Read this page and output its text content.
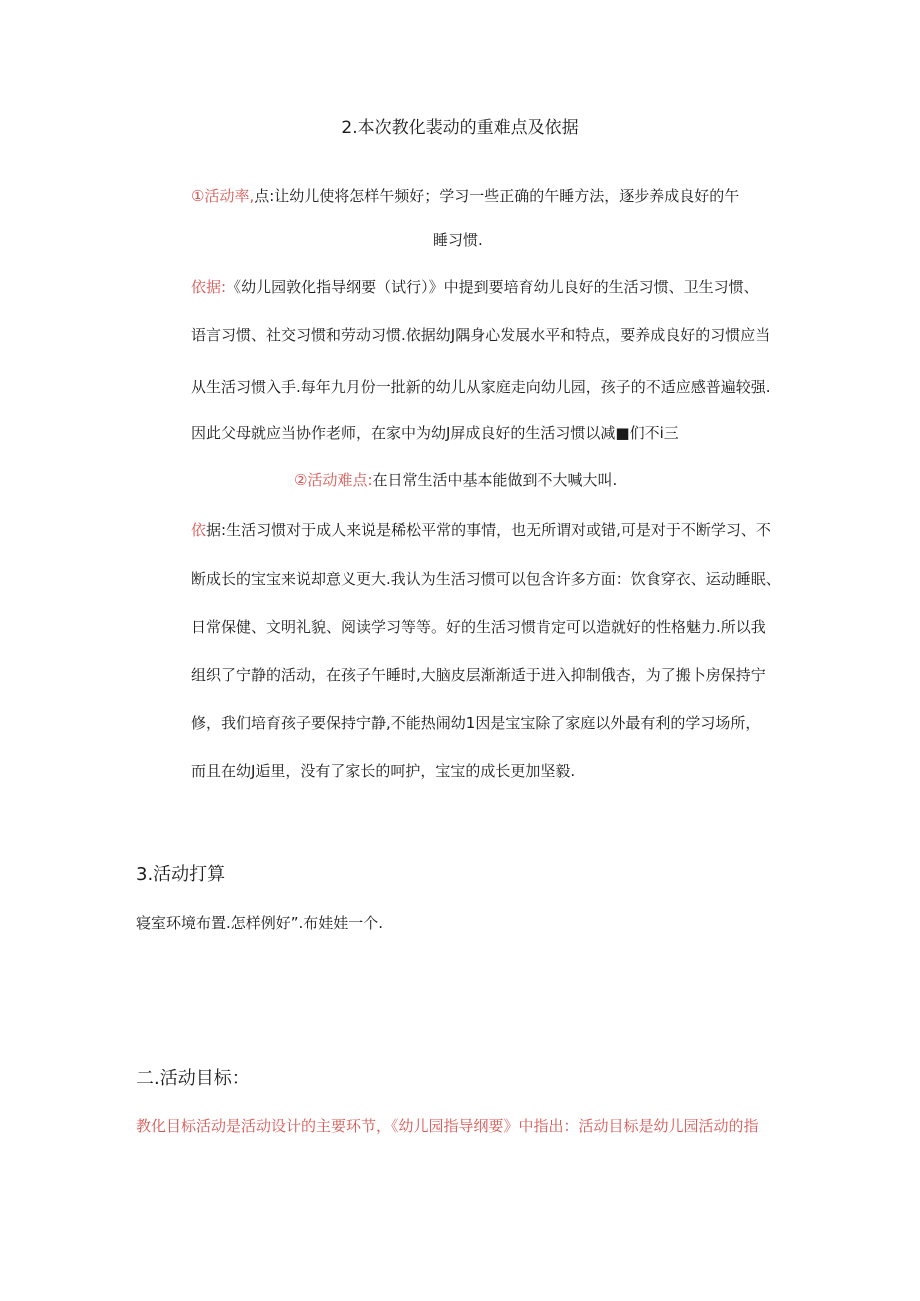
2.本次教化裴动的重难点及依据
①活动率,点:让幼儿使将怎样午频好；学习一些正确的午睡方法，逐步养成良好的午
睡习惯.
依据:《幼儿园敦化指导纲要（试行）》中提到要培育幼儿良好的生活习惯、卫生习惯、
语言习惯、社交习惯和劳动习惯.依据幼J隅身心发展水平和特点，要养成良好的习惯应当
从生活习惯入手.每年九月份一批新的幼儿从家庭走向幼儿园，孩子的不适应感普遍较强.
因此父母就应当协作老师，在家中为幼J屏成良好的生活习惯以减■们不i三
②活动难点:在日常生活中基本能做到不大喊大叫.
依据:生活习惯对于成人来说是稀松平常的事情，也无所谓对或错,可是对于不断学习、不
断成长的宝宝来说却意义更大.我认为生活习惯可以包含许多方面：饮食穿衣、运动睡眠、
日常保健、文明礼貌、阅读学习等等。好的生活习惯肯定可以造就好的性格魅力.所以我
组织了宁静的活动，在孩子午睡时,大脑皮层渐渐适于进入抑制俄杏，为了搬卜房保持宁
修，我们培育孩子要保持宁静,不能热闹幼1因是宝宝除了家庭以外最有利的学习场所，
而且在幼J逅里，没有了家长的呵护，宝宝的成长更加坚毅.
3.活动打算
寝室环境布置.怎样例好”.布娃娃一个.
二.活动目标：
教化目标活动是活动设计的主要环节，《幼儿园指导纲要》中指出：活动目标是幼儿园活动的指
